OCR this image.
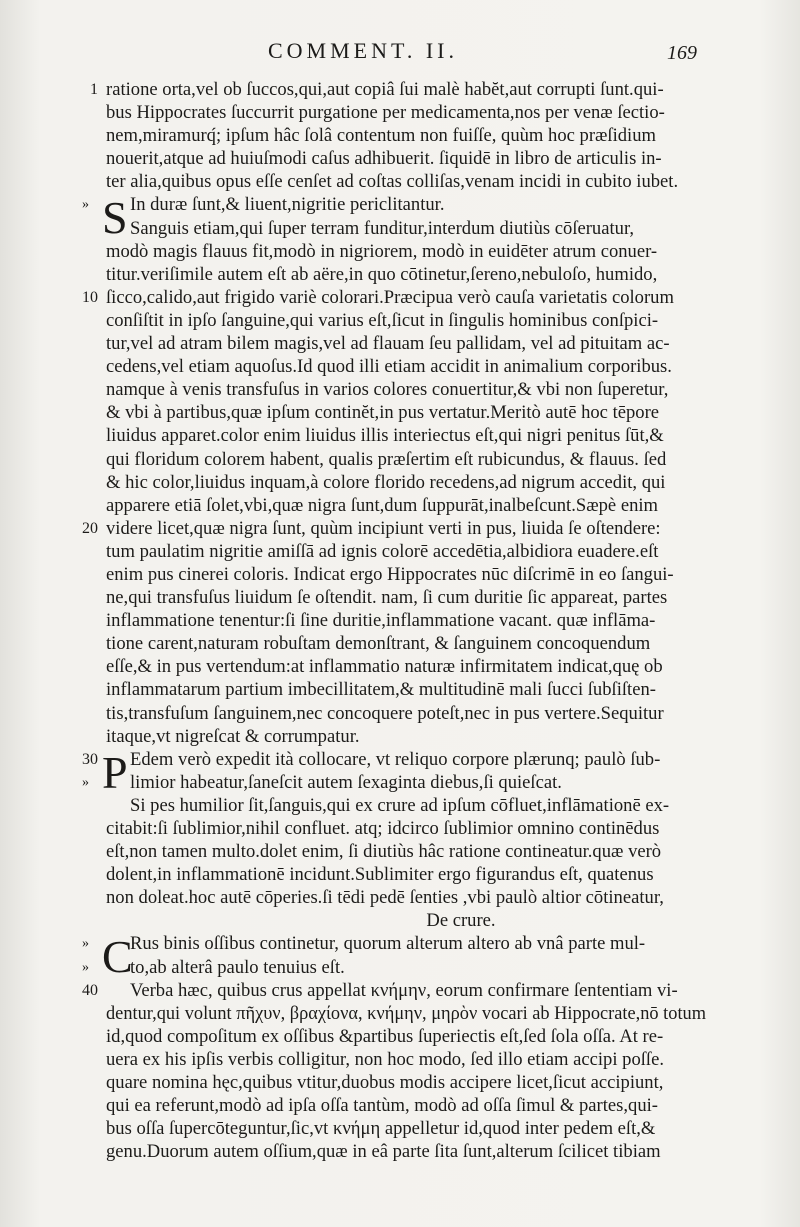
COMMENT. II.	169
1 ratione orta,vel ob ſuccos,qui,aut copiâ ſui malè habĕt,aut corrupti ſunt.qui-
bus Hippocrates ſuccurrit purgatione per medicamenta,nos per venæ ſectio-
nem,miramurq́; ipſum hâc ſolâ contentum non fuiſſe, quùm hoc præſidium
nouerit,atque ad huiuſmodi caſus adhibuerit. ſiquidē in libro de articulis in-
ter alia,quibus opus eſſe cenſet ad coſtas colliſas,venam incidi in cubito iubet.
» S In duræ ſunt,& liuent,nigritie periclitantur.
Sanguis etiam,qui ſuper terram funditur,interdum diutiùs cōſeruatur,
modò magis flauus fit,modò in nigriorem, modò in euidēter atrum conuer-
titur.veriſimile autem eſt ab aëre,in quo cōtinetur,ſereno,nebuloſo, humido,
10 ſicco,calido,aut frigido variè colorari.Præcipua verò cauſa varietatis colorum
conſiſtit in ipſo ſanguine,qui varius eſt,ſicut in ſingulis hominibus conſpici-
tur,vel ad atram bilem magis,vel ad flauam ſeu pallidam, vel ad pituitam ac-
cedens,vel etiam aquoſus.Id quod illi etiam accidit in animalium corporibus.
namque à venis transfuſus in varios colores conuertitur,& vbi non ſuperetur,
& vbi à partibus,quæ ipſum continĕt,in pus vertatur.Meritò autē hoc tēpore
liuidus apparet.color enim liuidus illis interiectus eſt,qui nigri penitus ſūt,&
qui floridum colorem habent, qualis præſertim eſt rubicundus, & flauus. ſed
& hic color,liuidus inquam,à colore florido recedens,ad nigrum accedit, qui
apparere etiā ſolet,vbi,quæ nigra ſunt,dum ſuppurāt,inalbeſcunt.Sæpè enim
20 videre licet,quæ nigra ſunt, quùm incipiunt verti in pus, liuida ſe oſtendere:
tum paulatim nigritie amiſſā ad ignis colorē accedētia,albidiora euadere.eſt
enim pus cinerei coloris. Indicat ergo Hippocrates nūc diſcrimē in eo ſangui-
ne,qui transfuſus liuidum ſe oſtendit. nam, ſi cum duritie ſic appareat, partes
inflammatione tenentur:ſi ſine duritie,inflammatione vacant. quæ inflāma-
tione carent,naturam robuſtam demonſtrant, & ſanguinem concoquendum
eſſe,& in pus vertendum:at inflammatio naturæ infirmitatem indicat,quę ob
inflammatarum partium imbecillitatem,& multitudinē mali ſucci ſubſiſten-
tis,transfuſum ſanguinem,nec concoquere poteſt,nec in pus vertere.Sequitur
itaque,vt nigreſcat & corrumpatur.
30 P Edem verò expedit ità collocare, vt reliquo corpore plærunq; paulò ſub-
» limior habeatur,ſaneſcit autem ſexaginta diebus,ſi quieſcat.
Si pes humilior ſit,ſanguis,qui ex crure ad ipſum cōfluet,inflāmationē ex-
citabit:ſi ſublimior,nihil confluet. atq; idcirco ſublimior omnino continēdus
eſt,non tamen multo.dolet enim, ſi diutiùs hâc ratione contineatur.quæ verò
dolent,in inflammationē incidunt.Sublimiter ergo figurandus eſt, quatenus
non doleat.hoc autē cōperies.ſi tēdi pedē ſenties ,vbi paulò altior cōtineatur,
De crure.
» C
Rus binis oſſibus continetur, quorum alterum altero ab vnâ parte mul-
» to,ab alterâ paulo tenuius eſt.
40 Verba hæc, quibus crus appellat κνήμην, eorum confirmare ſententiam vi-
dentur,qui volunt πῆχυν, βραχίονα, κνήμην, μηρὸν vocari ab Hippocrate,nō totum
id,quod compoſitum ex oſſibus &partibus ſuperiectis eſt,ſed ſola oſſa. At re-
uera ex his ipſis verbis colligitur, non hoc modo, ſed illo etiam accipi poſſe.
quare nomina hęc,quibus vtitur,duobus modis accipere licet,ſicut accipiunt,
qui ea referunt,modò ad ipſa oſſa tantùm, modò ad oſſa ſimul & partes,qui-
bus oſſa ſupercōteguntur,ſic,vt κνήμη appelletur id,quod inter pedem eſt,&
genu.Duorum autem oſſium,quæ in eâ parte ſita ſunt,alterum ſcilicet tibiam
